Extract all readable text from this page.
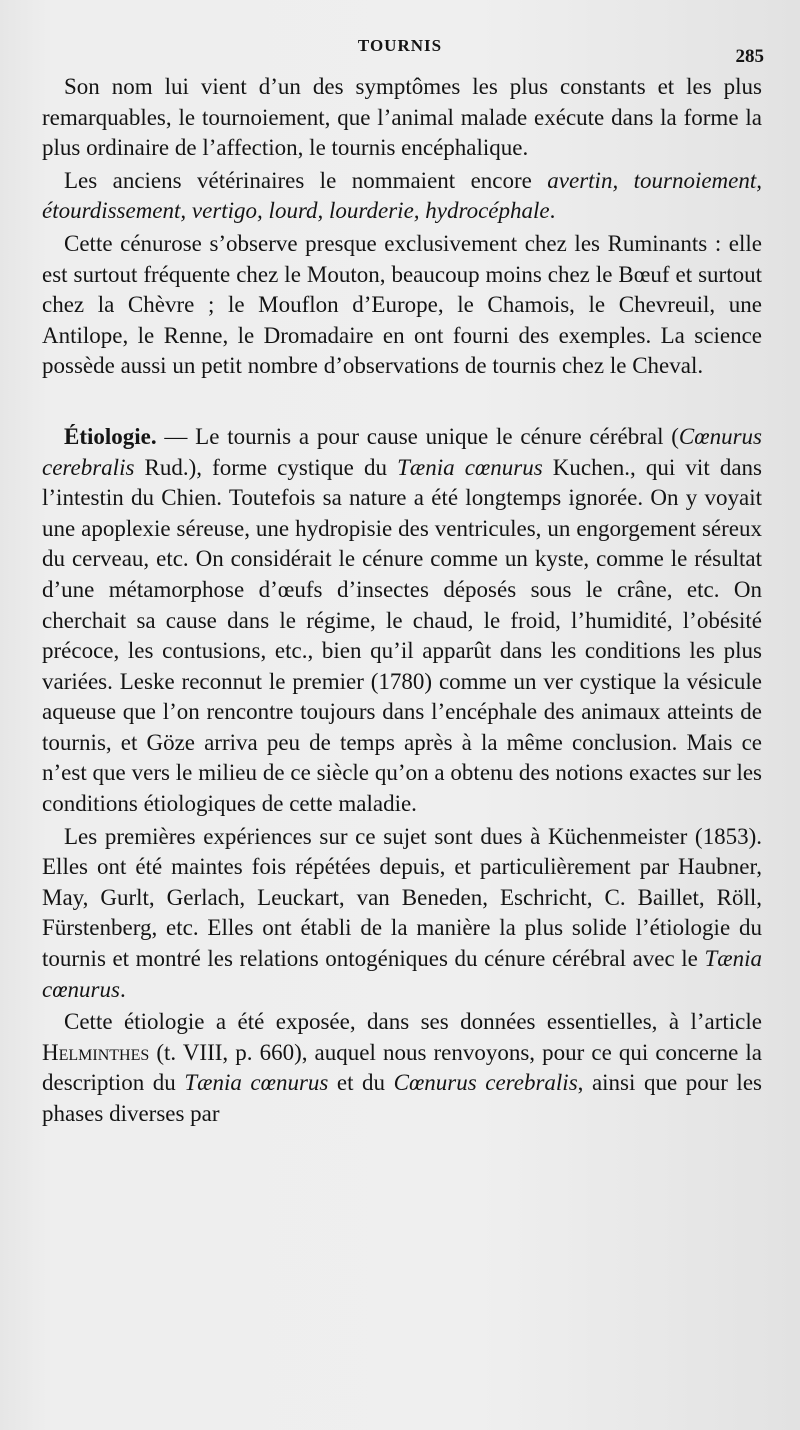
TOURNIS
285

Son nom lui vient d’un des symptômes les plus constants et les plus remarquables, le tournoiement, que l’animal malade exécute dans la forme la plus ordinaire de l’affection, le tournis encéphalique.

Les anciens vétérinaires le nommaient encore avertin, tournoiement, étourdissement, vertigo, lourd, lourderie, hydrocéphale.

Cette cénurose s’observe presque exclusivement chez les Ruminants : elle est surtout fréquente chez le Mouton, beaucoup moins chez le Bœuf et surtout chez la Chèvre ; le Mouflon d’Europe, le Chamois, le Chevreuil, une Antilope, le Renne, le Dromadaire en ont fourni des exemples. La science possède aussi un petit nombre d’observations de tournis chez le Cheval.

Étiologie. — Le tournis a pour cause unique le cénure cérébral (Cœnurus cerebralis Rud.), forme cystique du Tænia cœnurus Kuchen., qui vit dans l’intestin du Chien. Toutefois sa nature a été longtemps ignorée. On y voyait une apoplexie séreuse, une hydropisie des ventricules, un engorgement séreux du cerveau, etc. On considérait le cénure comme un kyste, comme le résultat d’une métamorphose d’œufs d’insectes déposés sous le crâne, etc. On cherchait sa cause dans le régime, le chaud, le froid, l’humidité, l’obésité précoce, les contusions, etc., bien qu’il apparût dans les conditions les plus variées. Leske reconnut le premier (1780) comme un ver cystique la vésicule aqueuse que l’on rencontre toujours dans l’encéphale des animaux atteints de tournis, et Göze arriva peu de temps après à la même conclusion. Mais ce n’est que vers le milieu de ce siècle qu’on a obtenu des notions exactes sur les conditions étiologiques de cette maladie.

Les premières expériences sur ce sujet sont dues à Küchenmeister (1853). Elles ont été maintes fois répétées depuis, et particulièrement par Haubner, May, Gurlt, Gerlach, Leuckart, van Beneden, Eschricht, C. Baillet, Röll, Fürstenberg, etc. Elles ont établi de la manière la plus solide l’étiologie du tournis et montré les relations ontogéniques du cénure cérébral avec le Tænia cœnurus.

Cette étiologie a été exposée, dans ses données essentielles, à l’article Helminthes (t. VIII, p. 660), auquel nous renvoyons, pour ce qui concerne la description du Tænia cœnurus et du Cœnurus cerebralis, ainsi que pour les phases diverses par
